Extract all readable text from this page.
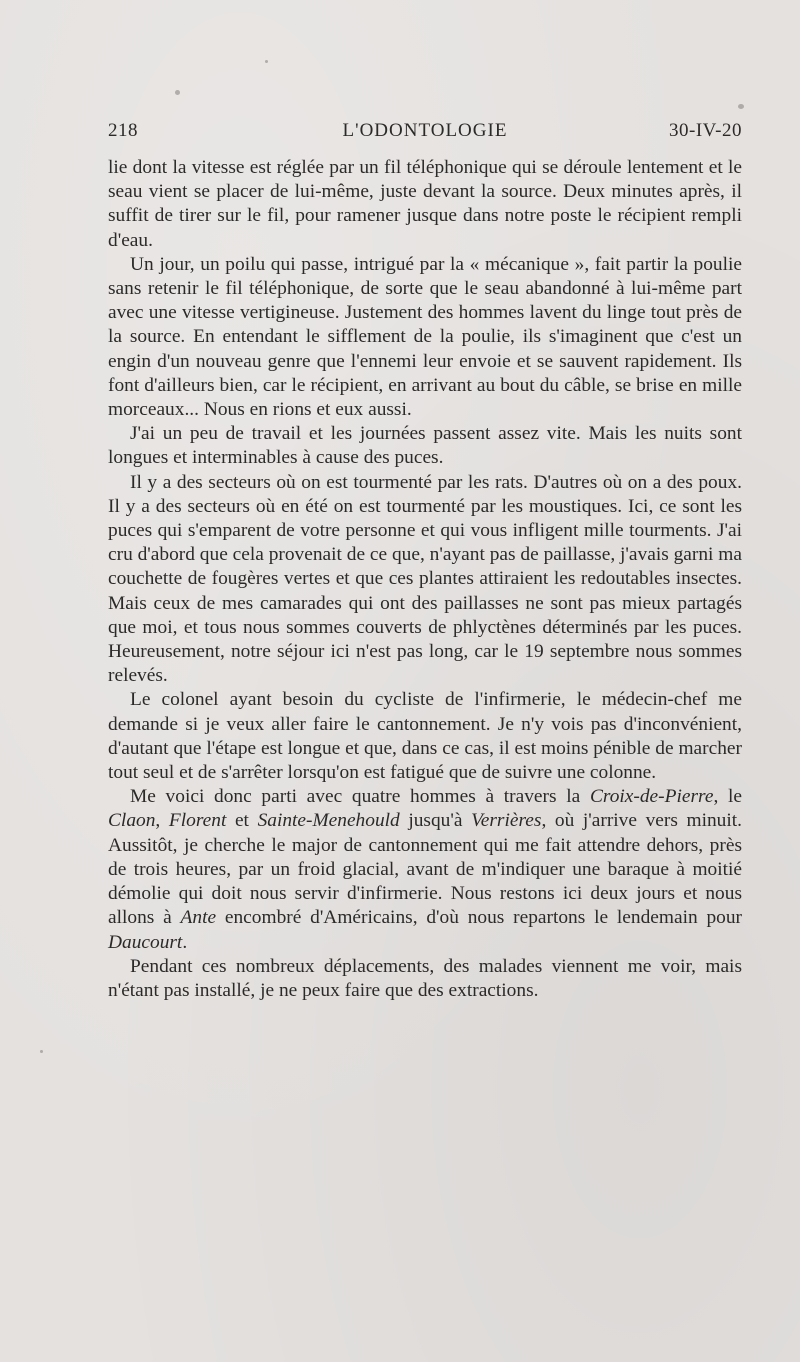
218	L'ODONTOLOGIE	30-IV-20

lie dont la vitesse est réglée par un fil téléphonique qui se déroule lentement et le seau vient se placer de lui-même, juste devant la source. Deux minutes après, il suffit de tirer sur le fil, pour ramener jusque dans notre poste le récipient rempli d'eau.

Un jour, un poilu qui passe, intrigué par la « mécanique », fait partir la poulie sans retenir le fil téléphonique, de sorte que le seau abandonné à lui-même part avec une vitesse vertigineuse. Justement des hommes lavent du linge tout près de la source. En entendant le sifflement de la poulie, ils s'imaginent que c'est un engin d'un nouveau genre que l'ennemi leur envoie et se sauvent rapidement. Ils font d'ailleurs bien, car le récipient, en arrivant au bout du câble, se brise en mille morceaux... Nous en rions et eux aussi.

J'ai un peu de travail et les journées passent assez vite. Mais les nuits sont longues et interminables à cause des puces.

Il y a des secteurs où on est tourmenté par les rats. D'autres où on a des poux. Il y a des secteurs où en été on est tourmenté par les moustiques. Ici, ce sont les puces qui s'emparent de votre personne et qui vous infligent mille tourments. J'ai cru d'abord que cela provenait de ce que, n'ayant pas de paillasse, j'avais garni ma couchette de fougères vertes et que ces plantes attiraient les redoutables insectes. Mais ceux de mes camarades qui ont des paillasses ne sont pas mieux partagés que moi, et tous nous sommes couverts de phlyctènes déterminés par les puces. Heureusement, notre séjour ici n'est pas long, car le 19 septembre nous sommes relevés.

Le colonel ayant besoin du cycliste de l'infirmerie, le médecin-chef me demande si je veux aller faire le cantonnement. Je n'y vois pas d'inconvénient, d'autant que l'étape est longue et que, dans ce cas, il est moins pénible de marcher tout seul et de s'arrêter lorsqu'on est fatigué que de suivre une colonne.

Me voici donc parti avec quatre hommes à travers la Croix-de-Pierre, le Claon, Florent et Sainte-Menehould jusqu'à Verrières, où j'arrive vers minuit. Aussitôt, je cherche le major de cantonnement qui me fait attendre dehors, près de trois heures, par un froid glacial, avant de m'indiquer une baraque à moitié démolie qui doit nous servir d'infirmerie. Nous restons ici deux jours et nous allons à Ante encombré d'Américains, d'où nous repartons le lendemain pour Daucourt.

Pendant ces nombreux déplacements, des malades viennent me voir, mais n'étant pas installé, je ne peux faire que des extractions.
